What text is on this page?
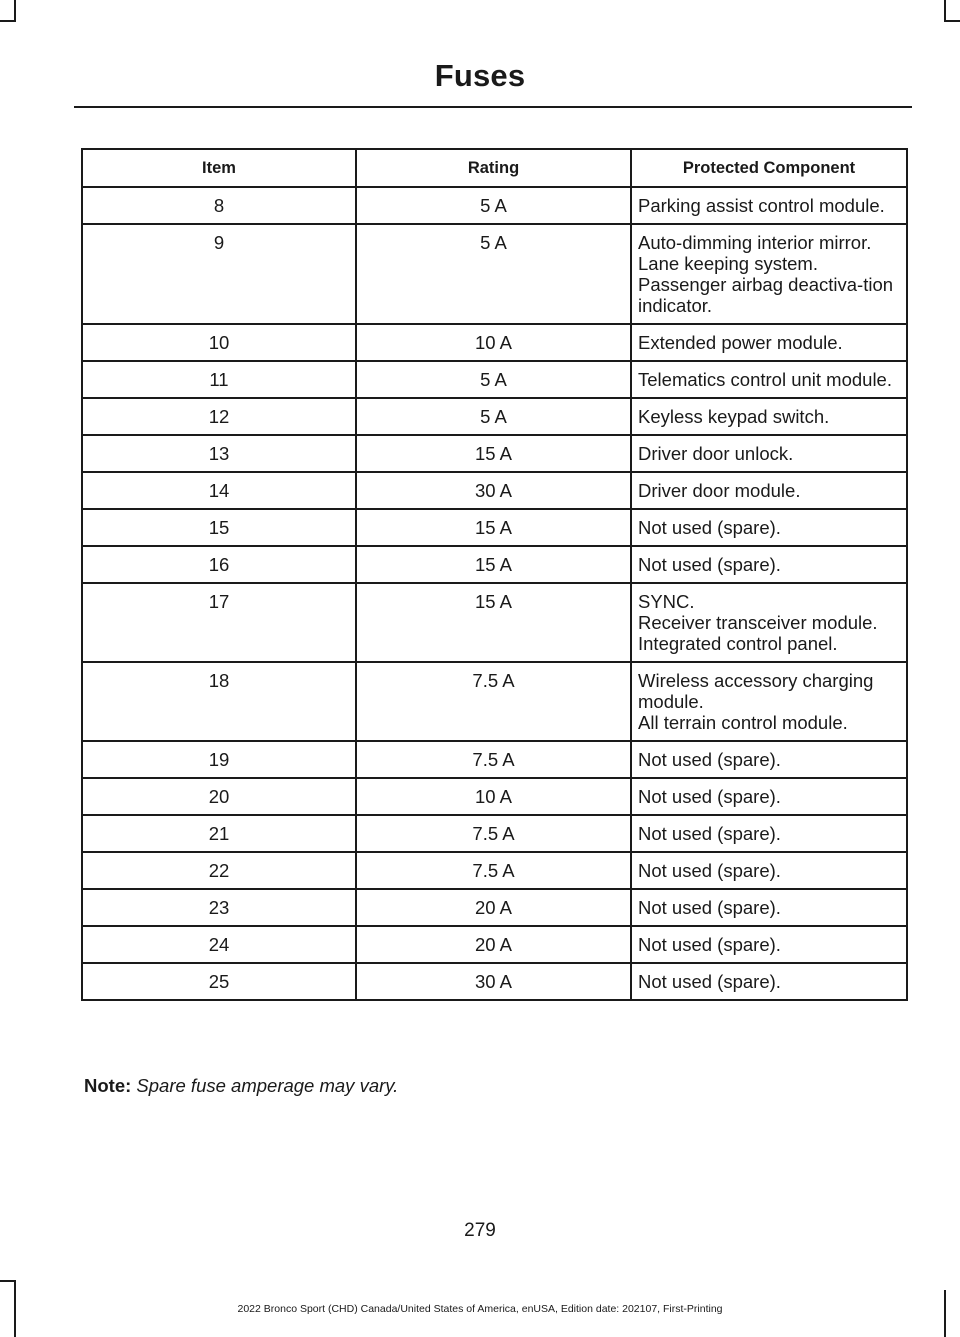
Fuses
Item	Rating	Protected Component
8	5 A	Parking assist control module.

9	5 A	Auto-dimming interior mirror.
Lane keeping system.
Passenger airbag deactiva-tion indicator.

10	10 A	Extended power module.

11	5 A	Telematics control unit module.

12	5 A	Keyless keypad switch.

13	15 A	Driver door unlock.

14	30 A	Driver door module.

15	15 A	Not used (spare).

16	15 A	Not used (spare).

17	15 A	SYNC.
Receiver transceiver module.
Integrated control panel.

18	7.5 A	Wireless accessory charging module.
All terrain control module.

19	7.5 A	Not used (spare).

20	10 A	Not used (spare).

21	7.5 A	Not used (spare).

22	7.5 A	Not used (spare).

23	20 A	Not used (spare).

24	20 A	Not used (spare).

25	30 A	Not used (spare).
Note: Spare fuse amperage may vary.
279
2022 Bronco Sport (CHD) Canada/United States of America, enUSA, Edition date: 202107, First-Printing
